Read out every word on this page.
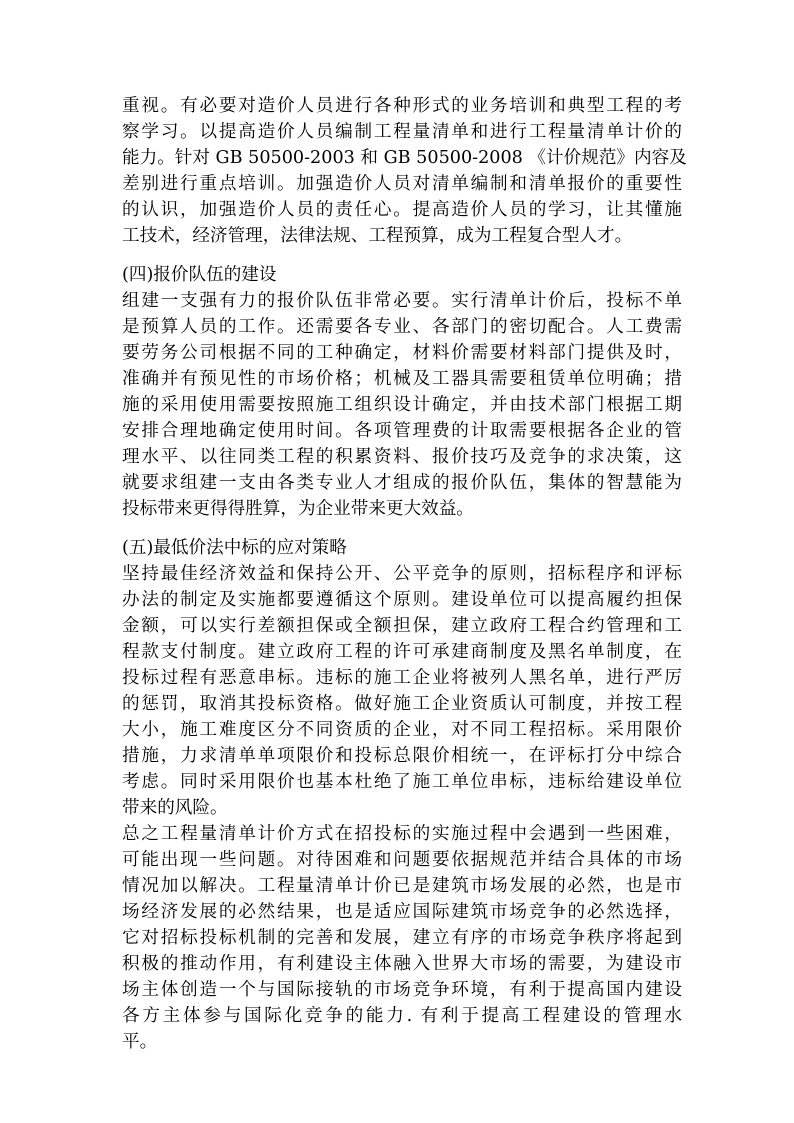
重视。有必要对造价人员进行各种形式的业务培训和典型工程的考
察学习。以提高造价人员编制工程量清单和进行工程量清单计价的
能力。针对 GB 50500-2003 和 GB 50500-2008 《计价规范》内容及
差别进行重点培训。加强造价人员对清单编制和清单报价的重要性
的认识，加强造价人员的责任心。提高造价人员的学习，让其懂施
工技术，经济管理，法律法规、工程预算，成为工程复合型人才。
(四)报价队伍的建设
组建一支强有力的报价队伍非常必要。实行清单计价后，投标不单
是预算人员的工作。还需要各专业、各部门的密切配合。人工费需
要劳务公司根据不同的工种确定，材料价需要材料部门提供及时，
准确并有预见性的市场价格；机械及工器具需要租赁单位明确；措
施的采用使用需要按照施工组织设计确定，并由技术部门根据工期
安排合理地确定使用时间。各项管理费的计取需要根据各企业的管
理水平、以往同类工程的积累资料、报价技巧及竞争的求决策，这
就要求组建一支由各类专业人才组成的报价队伍，集体的智慧能为
投标带来更得得胜算，为企业带来更大效益。
(五)最低价法中标的应对策略
坚持最佳经济效益和保持公开、公平竞争的原则，招标程序和评标
办法的制定及实施都要遵循这个原则。建设单位可以提高履约担保
金额，可以实行差额担保或全额担保，建立政府工程合约管理和工
程款支付制度。建立政府工程的许可承建商制度及黑名单制度，在
投标过程有恶意串标。违标的施工企业将被列人黑名单，进行严厉
的惩罚，取消其投标资格。做好施工企业资质认可制度，并按工程
大小，施工难度区分不同资质的企业，对不同工程招标。采用限价
措施，力求清单单项限价和投标总限价相统一，在评标打分中综合
考虑。同时采用限价也基本杜绝了施工单位串标，违标给建设单位
带来的风险。
总之工程量清单计价方式在招投标的实施过程中会遇到一些困难，
可能出现一些问题。对待困难和问题要依据规范并结合具体的市场
情况加以解决。工程量清单计价已是建筑市场发展的必然，也是市
场经济发展的必然结果，也是适应国际建筑市场竞争的必然选择，
它对招标投标机制的完善和发展，建立有序的市场竞争秩序将起到
积极的推动作用，有利建设主体融入世界大市场的需要，为建设市
场主体创造一个与国际接轨的市场竞争环境，有利于提高国内建设
各方主体参与国际化竞争的能力. 有利于提高工程建设的管理水
平。
